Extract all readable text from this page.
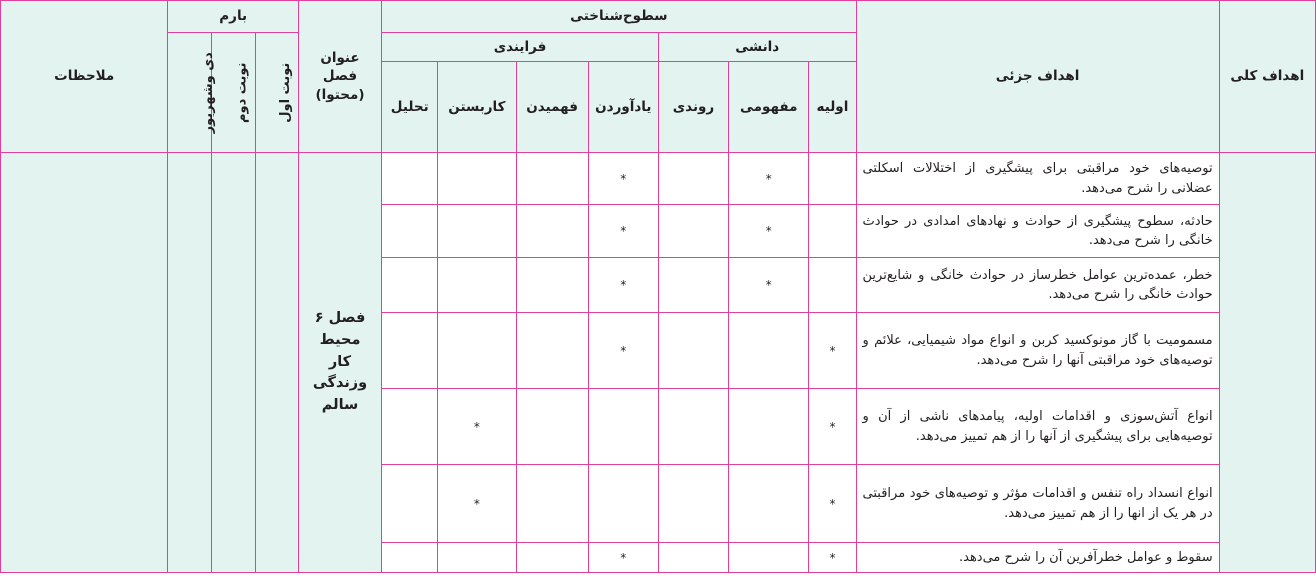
ملاحظات	بارم			عنوان فصل (محتوا)	سطوح‌شناختی							اهداف جزئی	اهداف کلی
	دی وشهریور	نوبت دوم	نوبت اول		فرایندی				دانشی				
					تحلیل	کاربستن	فهمیدن	یادآوردن	روندی	مفهومی	اولیه		

				فصل ۶ محیط کار وزندگی سالم				*		*		توصیه‌های خود مراقبتی برای پیشگیری از اختلالات اسکلتی عضلانی را شرح می‌دهد.	
								*		*		حادثه، سطوح پیشگیری از حوادث و نهادهای امدادی در حوادث خانگی را شرح می‌دهد.	
								*		*		خطر، عمده‌ترین عوامل خطرساز در حوادث خانگی و شایع‌ترین حوادث خانگی را شرح می‌دهد.	
								*			*	مسمومیت با گاز مونوکسید کربن و انواع مواد شیمیایی، علائم و توصیه‌های خود مراقبتی آنها را شرح می‌دهد.	
						*					*	انواع آتش‌سوزی و اقدامات اولیه، پیامدهای ناشی از آن و توصیه‌هایی برای پیشگیری از آنها را از هم تمییز می‌دهد.	
						*					*	انواع انسداد راه تنفس و اقدامات مؤثر و توصیه‌های خود مراقبتی در هر یک از انها را از هم تمییز می‌دهد.	
								*			*	سقوط و عوامل خطرآفرین آن را شرح می‌دهد.	
